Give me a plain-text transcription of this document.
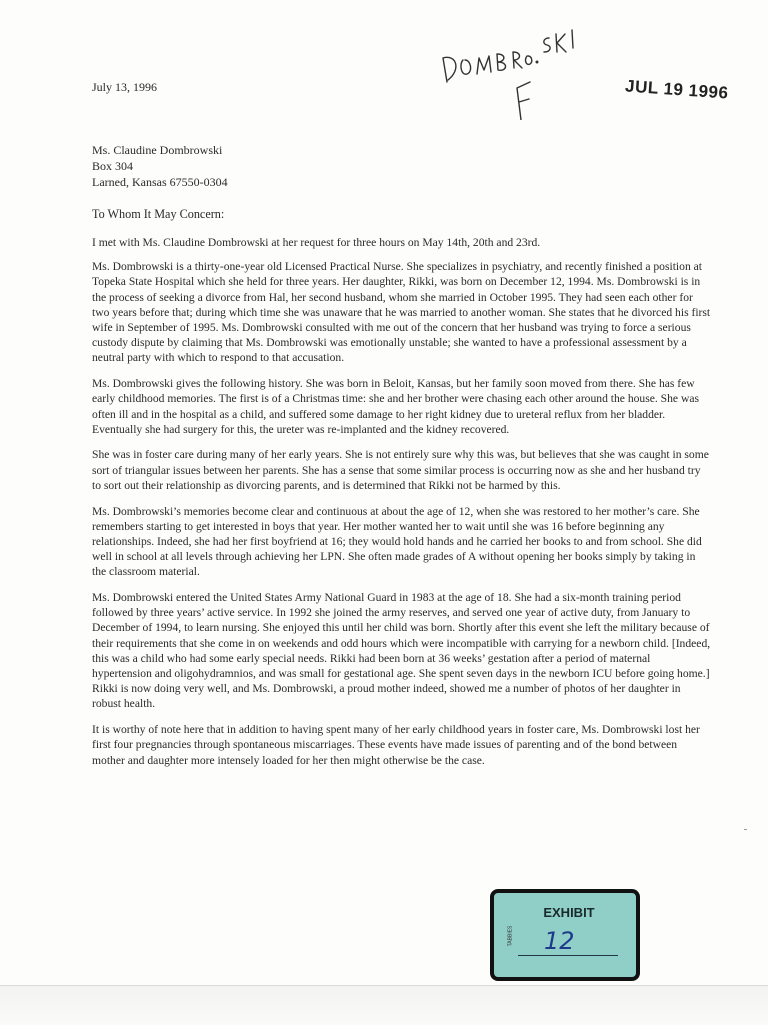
JUL 19 1996
July 13, 1996
Ms. Claudine Dombrowski
Box 304
Larned, Kansas 67550-0304
To Whom It May Concern:

I met with Ms. Claudine Dombrowski at her request for three hours on May 14th, 20th and 23rd.

Ms. Dombrowski is a thirty-one-year old Licensed Practical Nurse. She specializes in psychiatry, and recently finished a position at Topeka State Hospital which she held for three years. Her daughter, Rikki, was born on December 12, 1994. Ms. Dombrowski is in the process of seeking a divorce from Hal, her second husband, whom she married in October 1995. They had seen each other for two years before that; during which time she was unaware that he was married to another woman. She states that he divorced his first wife in September of 1995. Ms. Dombrowski consulted with me out of the concern that her husband was trying to force a serious custody dispute by claiming that Ms. Dombrowski was emotionally unstable; she wanted to have a professional assessment by a neutral party with which to respond to that accusation.

Ms. Dombrowski gives the following history. She was born in Beloit, Kansas, but her family soon moved from there. She has few early childhood memories. The first is of a Christmas time: she and her brother were chasing each other around the house. She was often ill and in the hospital as a child, and suffered some damage to her right kidney due to ureteral reflux from her bladder. Eventually she had surgery for this, the ureter was re-implanted and the kidney recovered.

She was in foster care during many of her early years. She is not entirely sure why this was, but believes that she was caught in some sort of triangular issues between her parents. She has a sense that some similar process is occurring now as she and her husband try to sort out their relationship as divorcing parents, and is determined that Rikki not be harmed by this.

Ms. Dombrowski’s memories become clear and continuous at about the age of 12, when she was restored to her mother’s care. She remembers starting to get interested in boys that year. Her mother wanted her to wait until she was 16 before beginning any relationships. Indeed, she had her first boyfriend at 16; they would hold hands and he carried her books to and from school. She did well in school at all levels through achieving her LPN. She often made grades of A without opening her books simply by taking in the classroom material.

Ms. Dombrowski entered the United States Army National Guard in 1983 at the age of 18. She had a six-month training period followed by three years’ active service. In 1992 she joined the army reserves, and served one year of active duty, from January to December of 1994, to learn nursing. She enjoyed this until her child was born. Shortly after this event she left the military because of their requirements that she come in on weekends and odd hours which were incompatible with carrying for a newborn child. [Indeed, this was a child who had some early special needs. Rikki had been born at 36 weeks’ gestation after a period of maternal hypertension and oligohydramnios, and was small for gestational age. She spent seven days in the newborn ICU before going home.] Rikki is now doing very well, and Ms. Dombrowski, a proud mother indeed, showed me a number of photos of her daughter in robust health.

It is worthy of note here that in addition to having spent many of her early childhood years in foster care, Ms. Dombrowski lost her first four pregnancies through spontaneous miscarriages. These events have made issues of parenting and of the bond between mother and daughter more intensely loaded for her then might otherwise be the case.

TABBIES
EXHIBIT
12
